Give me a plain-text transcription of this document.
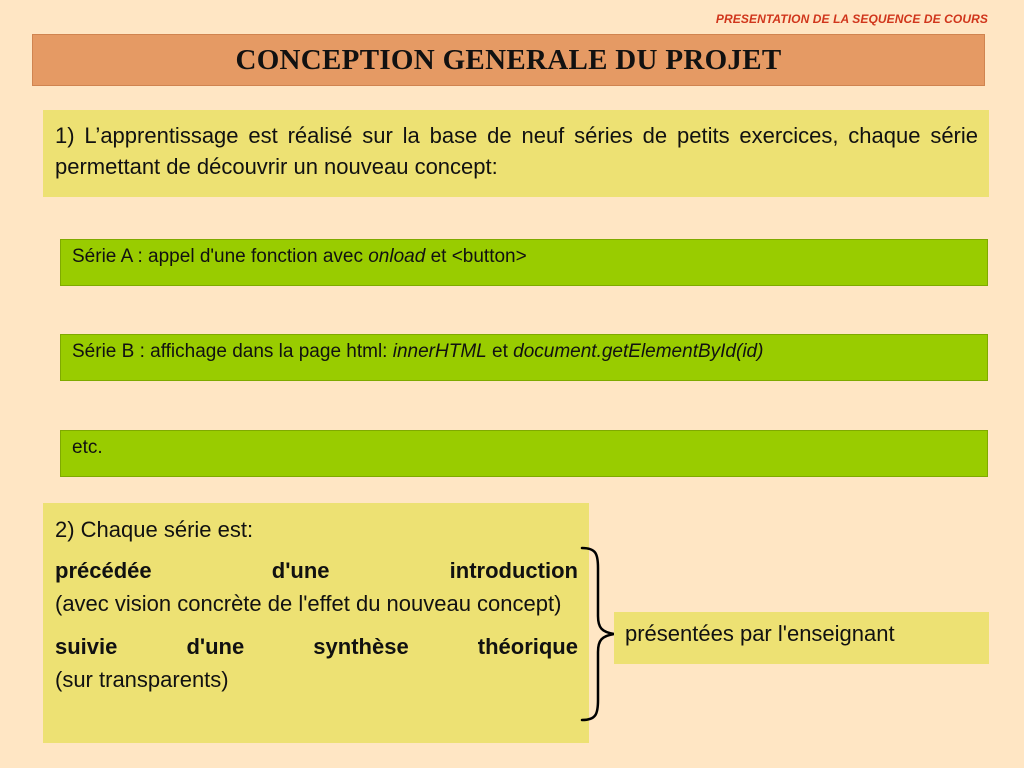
PRESENTATION DE LA SEQUENCE DE COURS
CONCEPTION GENERALE DU PROJET
1) L’apprentissage est réalisé sur la base de neuf séries de petits exercices, chaque série permettant de découvrir un nouveau concept:
Série A : appel d'une fonction avec onload et <button>
Série B : affichage dans la page html: innerHTML et document.getElementById(id)
etc.

2) Chaque série est:

précédée	d'une	introduction
(avec vision concrète de l'effet du nouveau concept)

suivie	d'une	synthèse	théorique
(sur transparents)

présentées par l'enseignant
